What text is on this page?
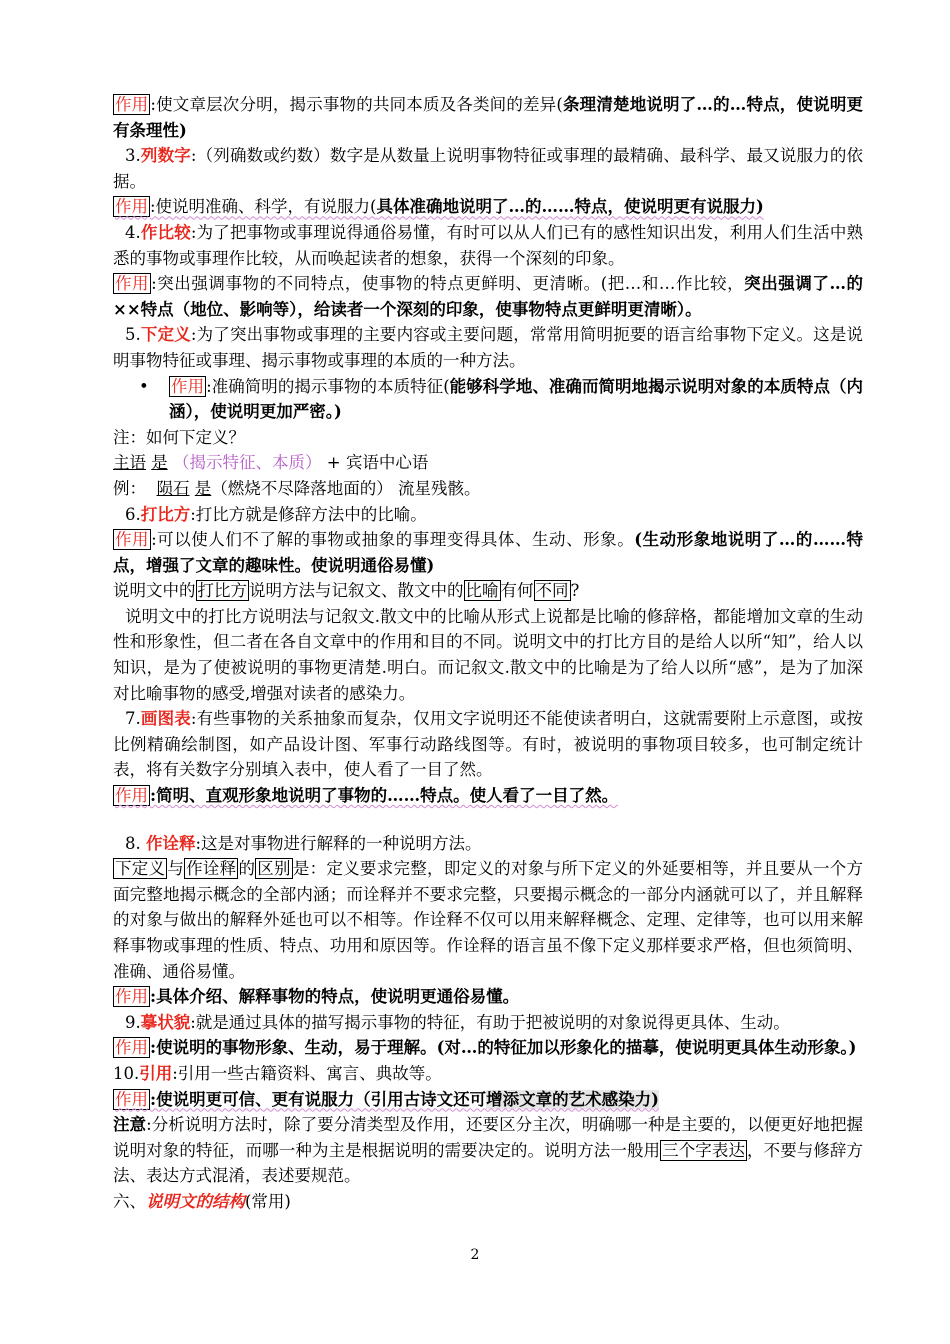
作用 :使文章层次分明，揭示事物的共同本质及各类间的差异(条理清楚地说明了…的…特点，使说明更有条理性)

3.列数字:（列确数或约数）数字是从数量上说明事物特征或事理的最精确、最科学、最又说服力的依据。

作用 :使说明准确、科学，有说服力(具体准确地说明了…的……特点，使说明更有说服力)

4.作比较:为了把事物或事理说得通俗易懂，有时可以从人们已有的感性知识出发，利用人们生活中熟悉的事物或事理作比较，从而唤起读者的想象，获得一个深刻的印象。

作用 :突出强调事物的不同特点，使事物的特点更鲜明、更清晰。(把…和…作比较，突出强调了…的××特点（地位、影响等），给读者一个深刻的印象，使事物特点更鲜明更清晰）。

5.下定义:为了突出事物或事理的主要内容或主要问题，常常用简明扼要的语言给事物下定义。这是说明事物特征或事理、揭示事物或事理的本质的一种方法。

• 作用 :准确简明的揭示事物的本质特征(能够科学地、准确而简明地揭示说明对象的本质特点（内涵），使说明更加严密。)

注：如何下定义？

主语 是 （揭示特征、本质） + 宾语中心语

例： 陨石 是（燃烧不尽降落地面的） 流星残骸。

6.打比方:打比方就是修辞方法中的比喻。

作用 :可以使人们不了解的事物或抽象的事理变得具体、生动、形象。(生动形象地说明了…的……特点，增强了文章的趣味性。使说明通俗易懂)

说明文中的 打比方 说明方法与记叙文、散文中的 比喻 有何 不同 ?

说明文中的打比方说明法与记叙文.散文中的比喻从形式上说都是比喻的修辞格，都能增加文章的生动性和形象性，但二者在各自文章中的作用和目的不同。说明文中的打比方目的是给人以所“知”，给人以知识，是为了使被说明的事物更清楚.明白。而记叙文.散文中的比喻是为了给人以所“感”，是为了加深对比喻事物的感受,增强对读者的感染力。

7.画图表:有些事物的关系抽象而复杂，仅用文字说明还不能使读者明白，这就需要附上示意图，或按比例精确绘制图，如产品设计图、军事行动路线图等。有时，被说明的事物项目较多，也可制定统计表，将有关数字分别填入表中，使人看了一目了然。

作用 :简明、直观形象地说明了事物的……特点。使人看了一目了然。

8. 作诠释:这是对事物进行解释的一种说明方法。

下定义 与 作诠释 的 区别 是：定义要求完整，即定义的对象与所下定义的外延要相等，并且要从一个方面完整地揭示概念的全部内涵；而诠释并不要求完整，只要揭示概念的一部分内涵就可以了，并且解释的对象与做出的解释外延也可以不相等。作诠释不仅可以用来解释概念、定理、定律等，也可以用来解释事物或事理的性质、特点、功用和原因等。作诠释的语言虽不像下定义那样要求严格，但也须简明、准确、通俗易懂。

作用 :具体介绍、解释事物的特点，使说明更通俗易懂。

9.摹状貌:就是通过具体的描写揭示事物的特征，有助于把被说明的对象说得更具体、生动。

作用 :使说明的事物形象、生动，易于理解。(对…的特征加以形象化的描摹，使说明更具体生动形象。)

10.引用:引用一些古籍资料、寓言、典故等。

作用 :使说明更可信、更有说服力（引用古诗文还可增添文章的艺术感染力)

注意:分析说明方法时，除了要分清类型及作用，还要区分主次，明确哪一种是主要的，以便更好地把握说明对象的特征，而哪一种为主是根据说明的需要决定的。说明方法一般用 三个字表达 ，不要与修辞方法、表达方式混淆，表述要规范。

六、说明文的结构(常用)

2
